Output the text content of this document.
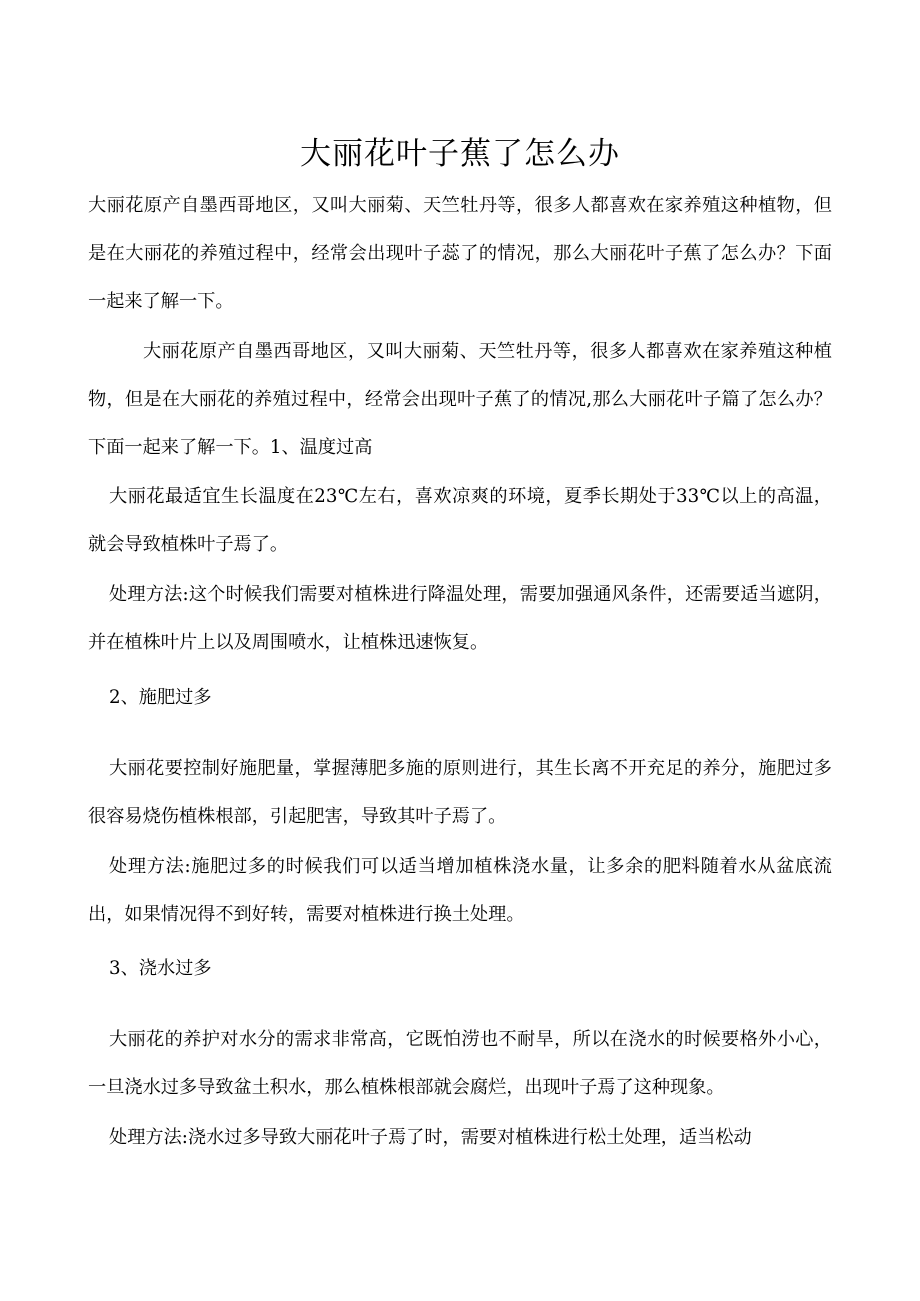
大丽花叶子蕉了怎么办

大丽花原产自墨西哥地区，又叫大丽菊、天竺牡丹等，很多人都喜欢在家养殖这种植物，但是在大丽花的养殖过程中，经常会出现叶子蕊了的情况，那么大丽花叶子蕉了怎么办？下面一起来了解一下。

大丽花原产自墨西哥地区，又叫大丽菊、天竺牡丹等，很多人都喜欢在家养殖这种植物，但是在大丽花的养殖过程中，经常会出现叶子蕉了的情况,那么大丽花叶子篇了怎么办？下面一起来了解一下。1、温度过高

大丽花最适宜生长温度在23℃左右，喜欢凉爽的环境，夏季长期处于33℃以上的高温，就会导致植株叶子焉了。

处理方法:这个时候我们需要对植株进行降温处理，需要加强通风条件，还需要适当遮阴，并在植株叶片上以及周围喷水，让植株迅速恢复。

2、施肥过多

大丽花要控制好施肥量，掌握薄肥多施的原则进行，其生长离不开充足的养分，施肥过多很容易烧伤植株根部，引起肥害，导致其叶子焉了。

处理方法:施肥过多的时候我们可以适当增加植株浇水量，让多余的肥料随着水从盆底流出，如果情况得不到好转，需要对植株进行换土处理。

3、浇水过多

大丽花的养护对水分的需求非常高，它既怕涝也不耐旱，所以在浇水的时候要格外小心，一旦浇水过多导致盆土积水，那么植株根部就会腐烂，出现叶子焉了这种现象。

处理方法:浇水过多导致大丽花叶子焉了时，需要对植株进行松土处理，适当松动
